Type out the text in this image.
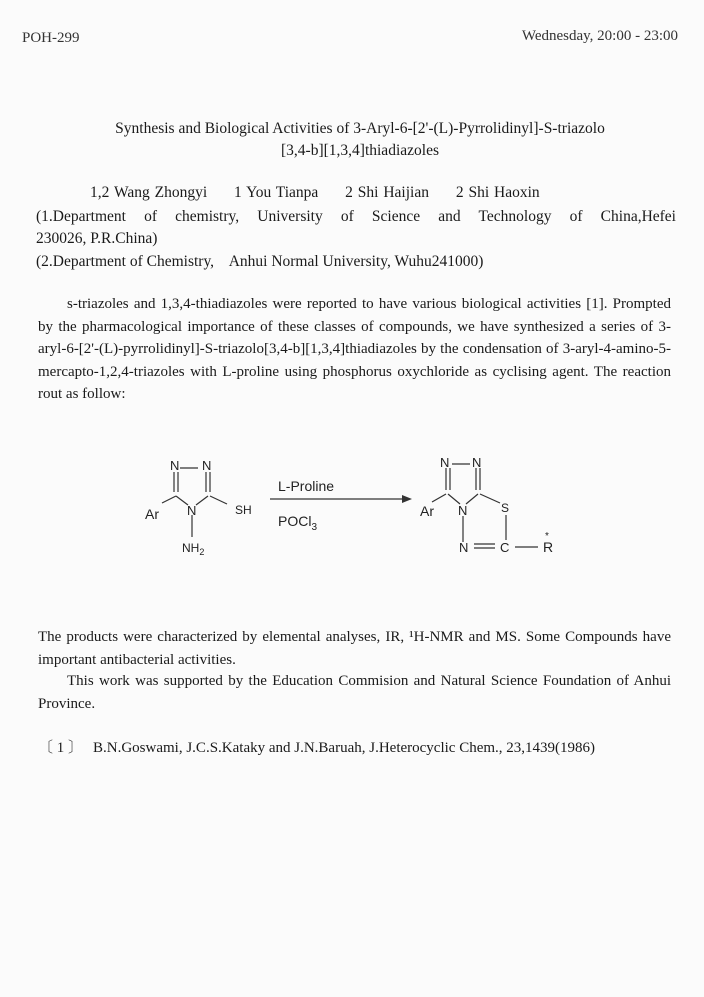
POH-299	Wednesday, 20:00 - 23:00
Synthesis and Biological Activities of 3-Aryl-6-[2'-(L)-Pyrrolidinyl]-S-triazolo
[3,4-b][1,3,4]thiadiazoles
1,2 Wang Zhongyi 1 You Tianpa 2 Shi Haijian 2 Shi Haoxin
(1.Department of chemistry, University of Science and Technology of China,Hefei
230026, P.R.China)
(2.Department of Chemistry,    Anhui Normal University, Wuhu241000)
s-triazoles and 1,3,4-thiadiazoles were reported to have various biological activities [1]. Prompted by the pharmacological importance of these classes of compounds, we have synthesized a series of 3-aryl-6-[2'-(L)-pyrrolidinyl]-S-triazolo[3,4-b][1,3,4]thiadiazoles by the condensation of 3-aryl-4-amino-5-mercapto-1,2,4-triazoles with L-proline using phosphorus oxychloride as cyclising agent. The reaction rout as follow:
N N
Ar N	SH
$NH_2$
L-Proline
POCl$_3$
N N
Ar N	S
N C R
*
The products were characterized by elemental analyses, IR, ¹H-NMR and MS. Some Compounds have important antibacterial activities.
This work was supported by the Education Commision and Natural Science Foundation of Anhui Province.
〔 1 〕 B.N.Goswami, J.C.S.Kataky and J.N.Baruah, J.Heterocyclic Chem., 23,1439(1986)
